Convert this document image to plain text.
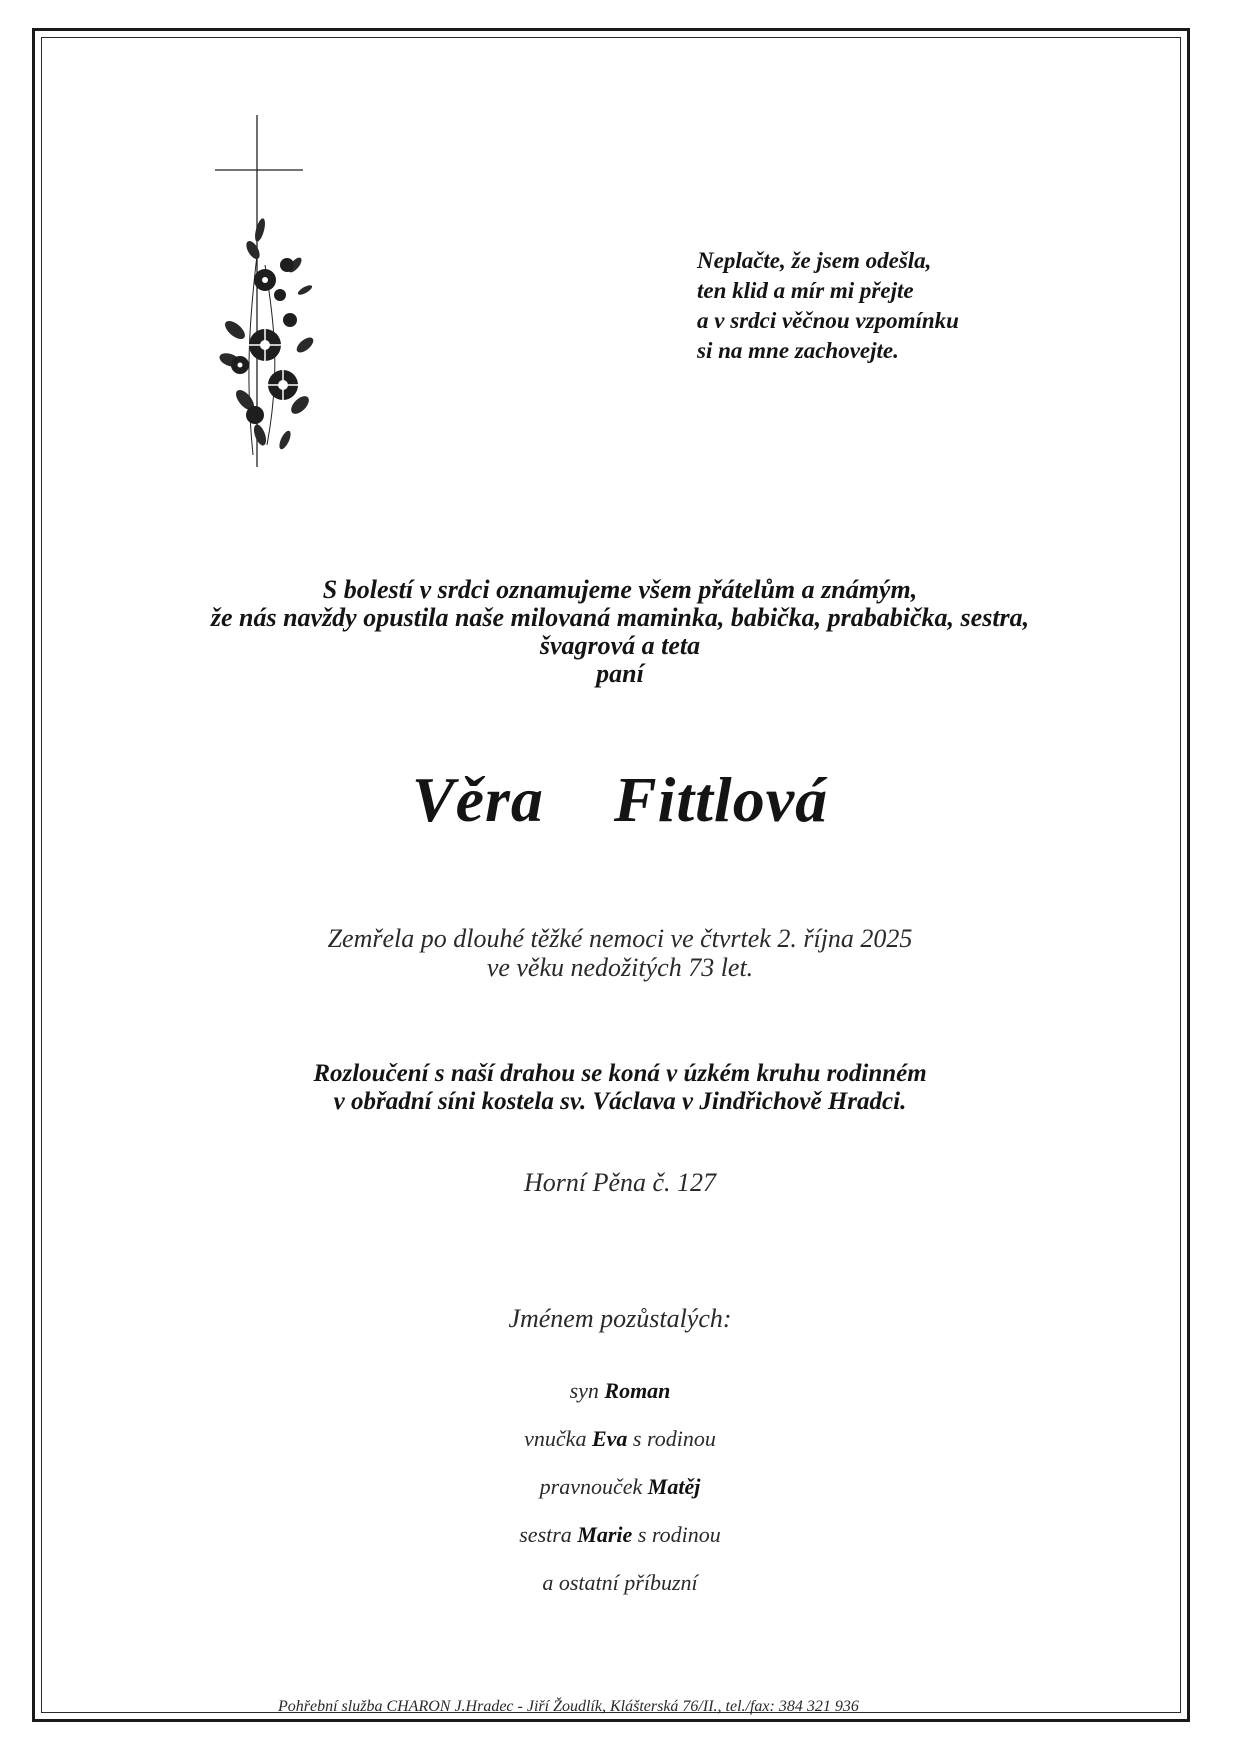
Neplačte, že jsem odešla,
ten klid a mír mi přejte
a v srdci věčnou vzpomínku
si na mne zachovejte.
S bolestí v srdci oznamujeme všem přátelům a známým,
že nás navždy opustila naše milovaná maminka, babička, prababička, sestra,
švagrová a teta
paní
Věra  Fittlová
Zemřela po dlouhé těžké nemoci ve čtvrtek 2. října 2025
ve věku nedožitých 73 let.
Rozloučení s naší drahou se koná v úzkém kruhu rodinném
v obřadní síni kostela sv. Václava v Jindřichově Hradci.
Horní Pěna č. 127
Jménem pozůstalých:
syn Roman
vnučka Eva s rodinou
pravnouček Matěj
sestra Marie s rodinou
a ostatní příbuzní
Pohřební služba CHARON J.Hradec - Jiří Žoudlík, Klášterská 76/II., tel./fax: 384 321 936
